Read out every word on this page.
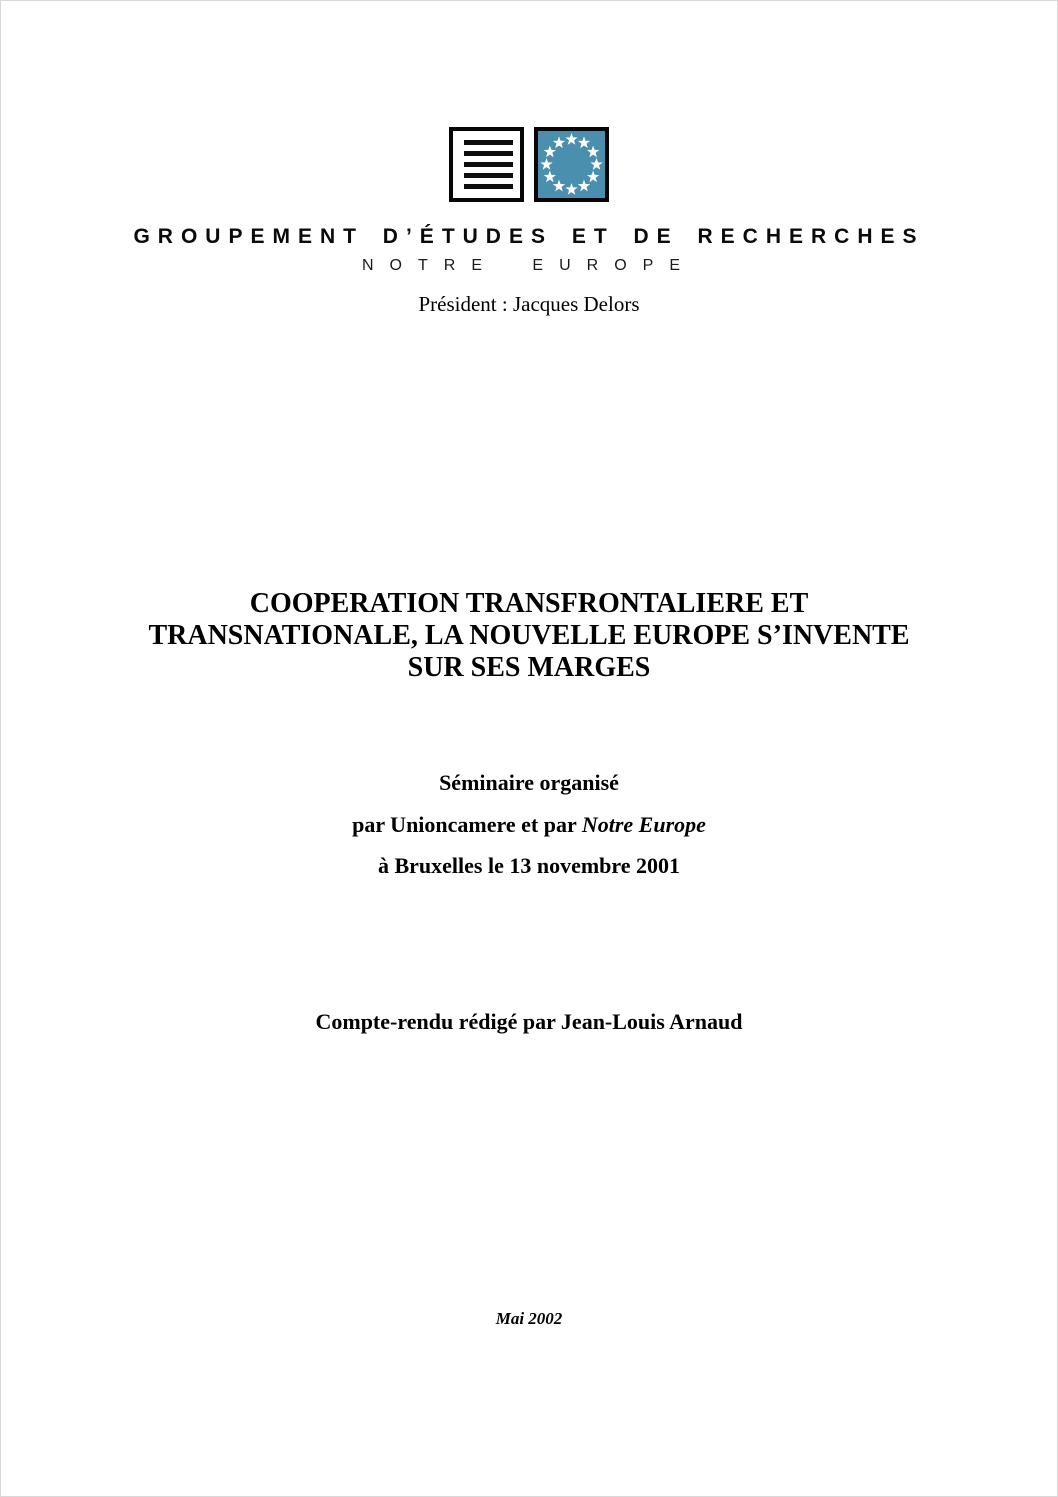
GROUPEMENT D’ÉTUDES ET DE RECHERCHES
NOTRE EUROPE
Président : Jacques Delors
COOPERATION TRANSFRONTALIERE ET
TRANSNATIONALE, LA NOUVELLE EUROPE S’INVENTE
SUR SES MARGES
Séminaire organisé
par Unioncamere et par Notre Europe
à Bruxelles le 13 novembre 2001
Compte-rendu rédigé par Jean-Louis Arnaud
Mai 2002
